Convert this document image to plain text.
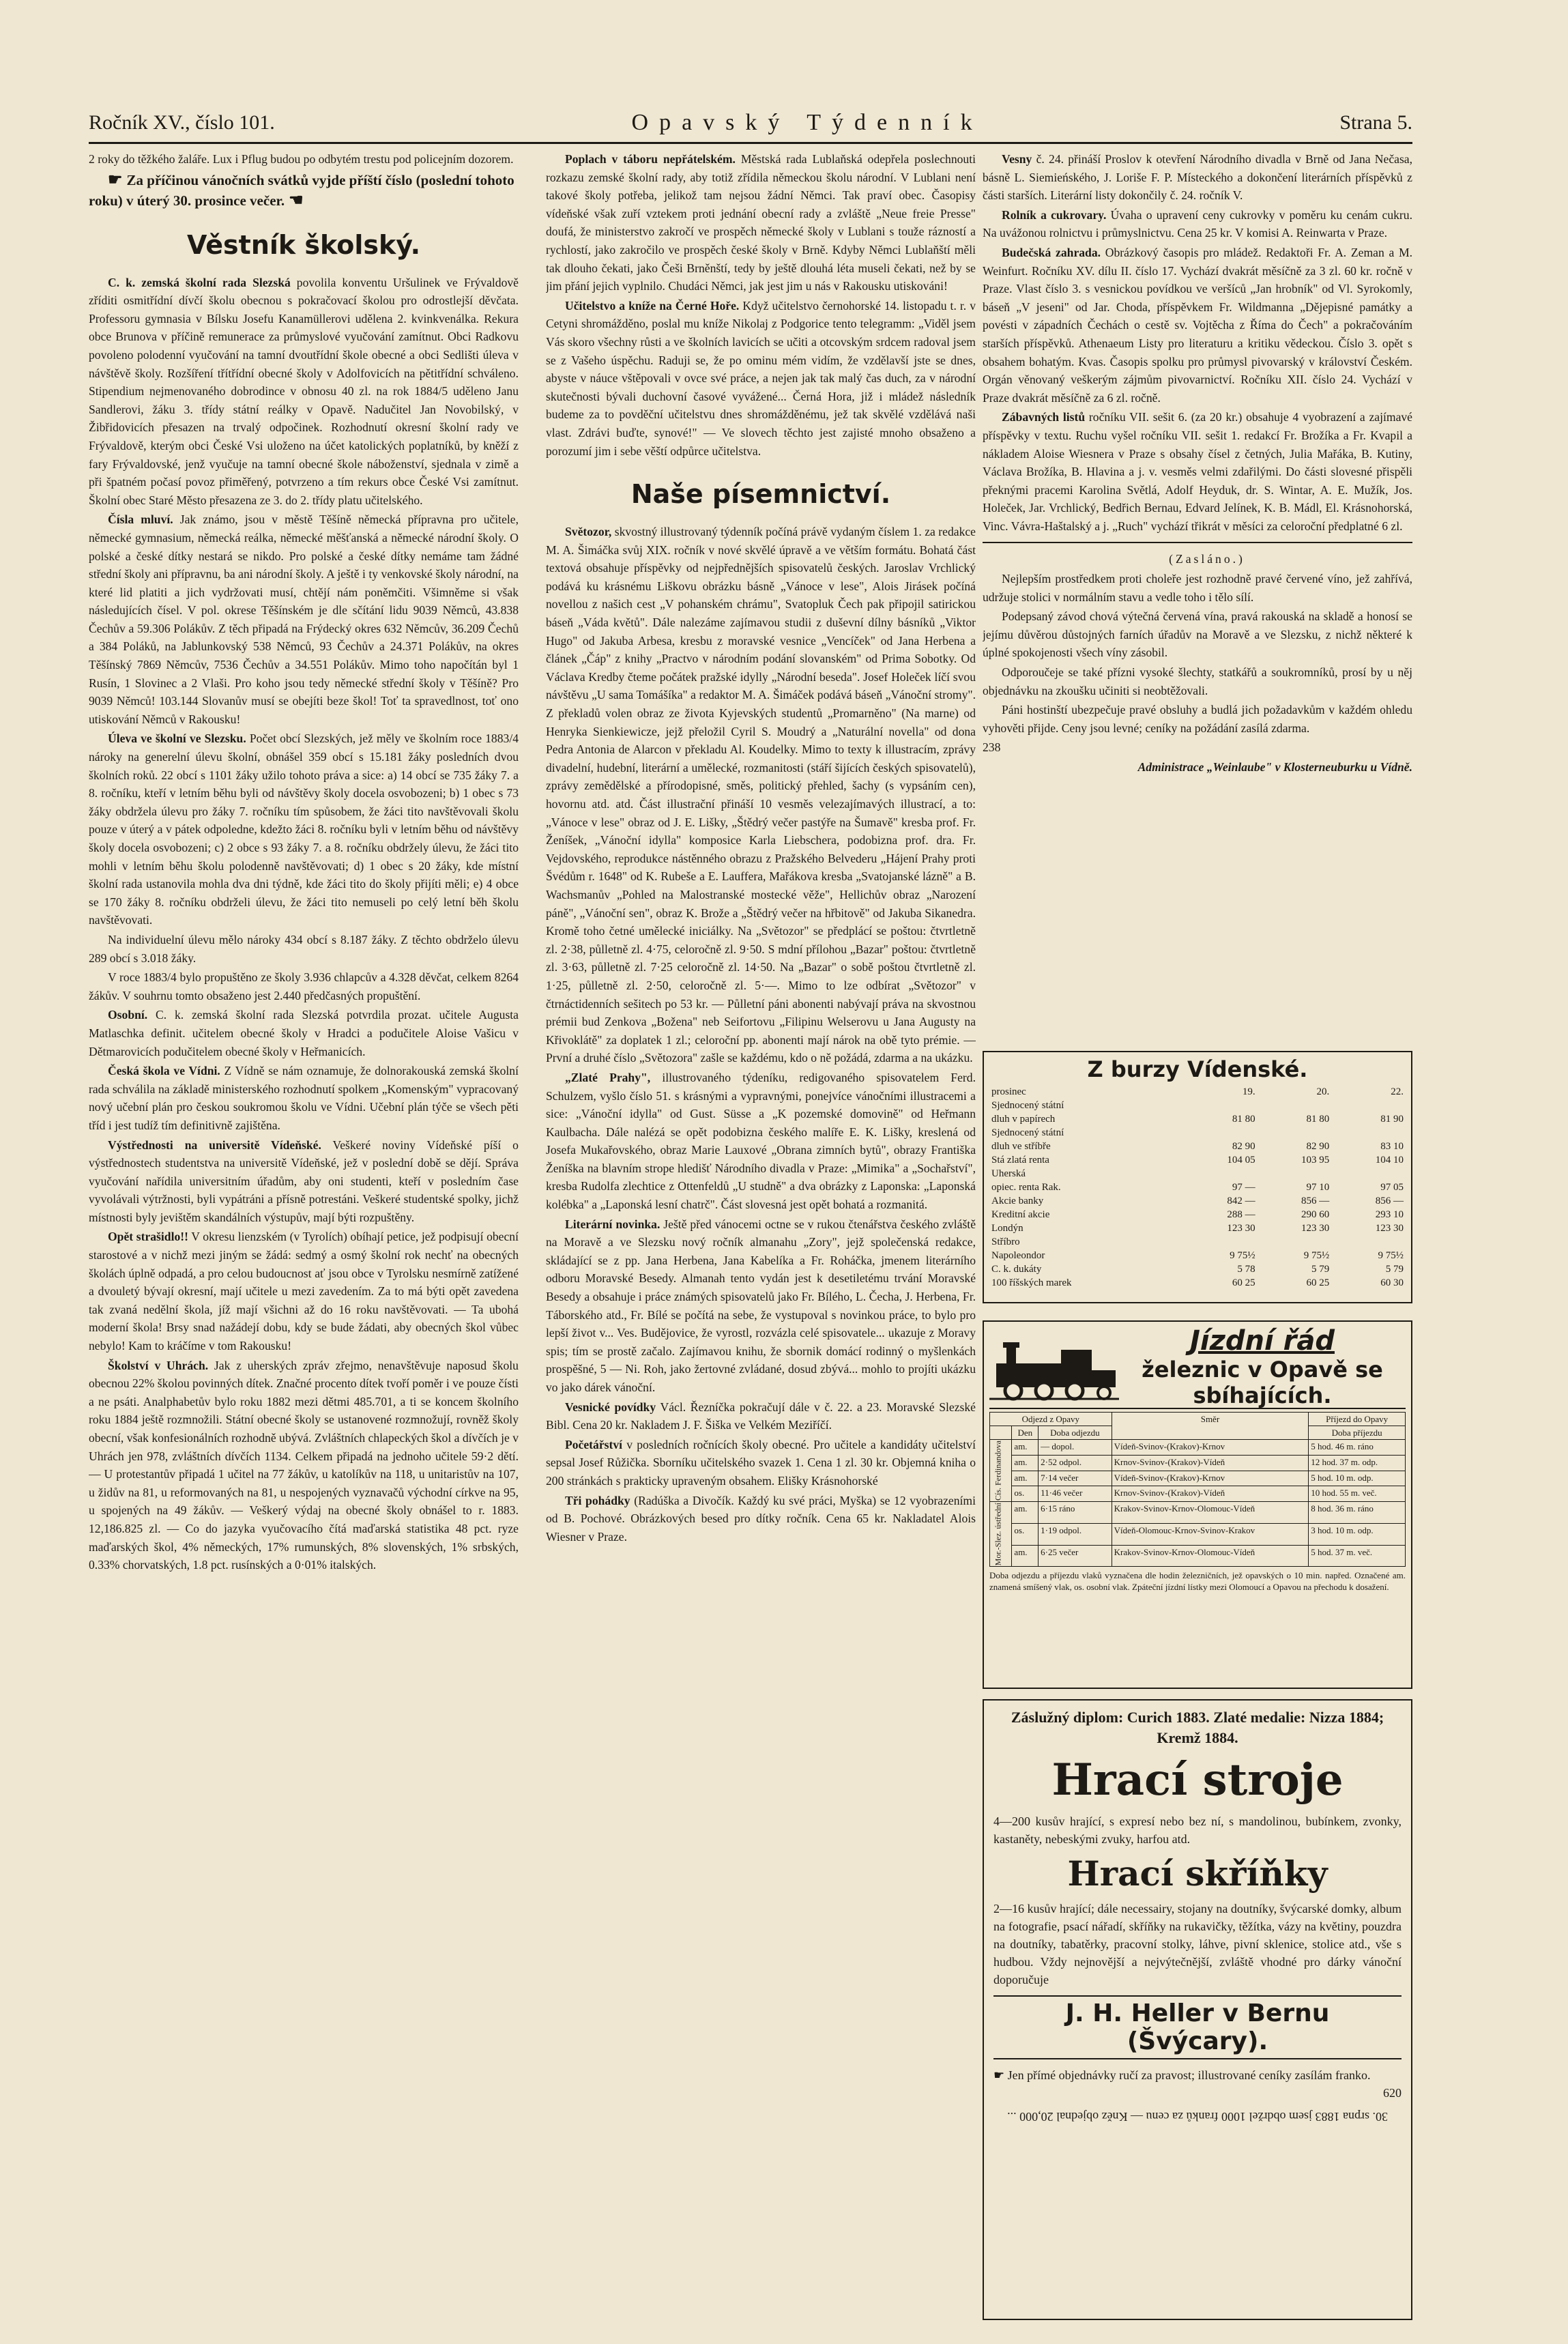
Ročník XV., číslo 101.	Opavský Týdenník	Strana 5.

2 roky do těžkého žaláře. Lux i Pflug budou po odbytém trestu pod policejním dozorem.

☛ Za příčinou vánočních svátků vyjde příští číslo (poslední tohoto roku) v úterý 30. prosince večer. ☚

Věstník školský.

C. k. zemská školní rada Slezská povolila konventu Uršulinek ve Frývaldově zříditi osmitřídní dívčí školu obecnou s pokračovací školou pro odrostlejší děvčata. Professoru gymnasia v Bílsku Josefu Kanamüllerovi udělena 2. kvinkvenálka. Rekura obce Brunova v příčině remunerace za průmyslové vyučování zamítnut. Obci Radkovu povoleno polodenní vyučování na tamní dvoutřídní škole obecné a obci Sedlišti úleva v návštěvě školy. Rozšíření třítřídní obecné školy v Adolfovicích na pětitřídní schváleno. Stipendium nejmenovaného dobrodince v obnosu 40 zl. na rok 1884/5 uděleno Janu Sandlerovi, žáku 3. třídy státní reálky v Opavě. Nadučitel Jan Novobilský, v Žibřidovicích přesazen na trvalý odpočinek. Rozhodnutí okresní školní rady ve Frývaldově, kterým obci České Vsi uloženo na účet katolických poplatníků, by kněží z fary Frývaldovské, jenž vyučuje na tamní obecné škole náboženství, sjednala v zimě a při špatném počasí povoz přiměřený, potvrzeno a tím rekurs obce České Vsi zamítnut. Školní obec Staré Město přesazena ze 3. do 2. třídy platu učitelského.

Čísla mluví. Jak známo, jsou v městě Těšíně německá přípravna pro učitele, německé gymnasium, německá reálka, německé měšťanská a německé národní školy. O polské a české dítky nestará se nikdo. Pro polské a české dítky nemáme tam žádné střední školy ani přípravnu, ba ani národní školy. A ještě i ty venkovské školy národní, na které lid platiti a jich vydržovati musí, chtějí nám poněmčiti. Všimněme si však následujících čísel. V pol. okrese Těšínském je dle sčítání lidu 9039 Němců, 43.838 Čechův a 59.306 Polákův. Z těch připadá na Frýdecký okres 632 Němcův, 36.209 Čechů a 384 Poláků, na Jablunkovský 538 Němců, 93 Čechův a 24.371 Polákův, na okres Těšínský 7869 Němcův, 7536 Čechův a 34.551 Polákův. Mimo toho napočítán byl 1 Rusín, 1 Slovinec a 2 Vlaši. Pro koho jsou tedy německé střední školy v Těšíně? Pro 9039 Němců! 103.144 Slovanův musí se obejíti beze škol! Toť ta spravedlnost, toť ono utiskování Němců v Rakousku!

Úleva ve školní ve Slezsku. Počet obcí Slezských, jež měly ve školním roce 1883/4 nároky na generelní úlevu školní, obnášel 359 obcí s 15.181 žáky posledních dvou školních roků. 22 obcí s 1101 žáky užilo tohoto práva a sice: a) 14 obcí se 735 žáky 7. a 8. ročníku, kteří v letním běhu byli od návštěvy školy docela osvobozeni; b) 1 obec s 73 žáky obdržela úlevu pro žáky 7. ročníku tím spůsobem, že žáci tito navštěvovali školu pouze v úterý a v pátek odpoledne, kdežto žáci 8. ročníku byli v letním běhu od návštěvy školy docela osvobozeni; c) 2 obce s 93 žáky 7. a 8. ročníku obdržely úlevu, že žáci tito mohli v letním běhu školu polodenně navštěvovati; d) 1 obec s 20 žáky, kde místní školní rada ustanovila mohla dva dni týdně, kde žáci tito do školy přijíti měli; e) 4 obce se 170 žáky 8. ročníku obdrželi úlevu, že žáci tito nemuseli po celý letní běh školu navštěvovati.

Na individuelní úlevu mělo nároky 434 obcí s 8.187 žáky. Z těchto obdrželo úlevu 289 obcí s 3.018 žáky.

V roce 1883/4 bylo propuštěno ze školy 3.936 chlapcův a 4.328 děvčat, celkem 8264 žákův. V souhrnu tomto obsaženo jest 2.440 předčasných propuštění.

Osobní. C. k. zemská školní rada Slezská potvrdila prozat. učitele Augusta Matlaschka definit. učitelem obecné školy v Hradci a podučitele Aloise Vašicu v Dětmarovicích podučitelem obecné školy v Heřmanicích.

Česká škola ve Vídni. Z Vídně se nám oznamuje, že dolnorakouská zemská školní rada schválila na základě ministerského rozhodnutí spolkem „Komenským" vypracovaný nový učební plán pro českou soukromou školu ve Vídni. Učební plán týče se všech pěti tříd i jest tudíž tím definitivně zajištěna.

Výstřednosti na universitě Vídeňské. Veškeré noviny Vídeňské píší o výstřednostech studentstva na universitě Vídeňské, jež v poslední době se dějí. Správa vyučování nařídila universitním úřadům, aby oni studenti, kteří v posledním čase vyvolávali výtržnosti, byli vypátráni a přísně potrestáni. Veškeré studentské spolky, jichž místnosti byly jevištěm skandálních výstupův, mají býti rozpuštěny.

Opět strašidlo!! V okresu lienzském (v Tyrolích) obíhají petice, jež podpisují obecní starostové a v nichž mezi jiným se žádá: sedmý a osmý školní rok nechť na obecných školách úplně odpadá, a pro celou budoucnost ať jsou obce v Tyrolsku nesmírně zatížené a dvouletý bývají okresní, mají učitele u mezi zavedením. Za to má býti opět zavedena tak zvaná nedělní škola, jíž mají všichni až do 16 roku navštěvovati. — Ta ubohá moderní škola! Brsy snad nažádejí dobu, kdy se bude žádati, aby obecných škol vůbec nebylo! Kam to kráčíme v tom Rakousku!

Školství v Uhrách. Jak z uherských zpráv zřejmo, nenavštěvuje naposud školu obecnou 22% školou povinných dítek. Značné procento dítek tvoří poměr i ve pouze čísti a ne psáti. Analphabetův bylo roku 1882 mezi dětmi 485.701, a ti se koncem školního roku 1884 ještě rozmnožili. Státní obecné školy se ustanovené rozmnožují, rovněž školy obecní, však konfesionálních rozhodně ubývá. Zvláštních chlapeckých škol a dívčích je v Uhrách jen 978, zvláštních dívčích 1134. Celkem připadá na jednoho učitele 59·2 dětí. — U protestantův připadá 1 učitel na 77 žákův, u katolíkův na 118, u unitaristův na 107, u židův na 81, u reformovaných na 81, u nespojených vyznavačů východní církve na 95, u spojených na 49 žákův. — Veškerý výdaj na obecné školy obnášel to r. 1883. 12,186.825 zl. — Co do jazyka vyučovacího čítá maďarská statistika 48 pct. ryze maďarských škol, 4% německých, 17% rumunských, 8% slovenských, 1% srbských, 0.33% chorvatských, 1.8 pct. rusínských a 0·01% italských.

Poplach v táboru nepřátelském. Městská rada Lublaňská odepřela poslechnouti rozkazu zemské školní rady, aby totiž zřídila německou školu národní. V Lublani není takové školy potřeba, jelikož tam nejsou žádní Němci. Tak praví obec. Časopisy vídeňské však zuří vztekem proti jednání obecní rady a zvláště „Neue freie Presse" doufá, že ministerstvo zakročí ve prospěch německé školy v Lublani s touže rázností a rychlostí, jako zakročilo ve prospěch české školy v Brně. Kdyby Němci Lublaňští měli tak dlouho čekati, jako Češi Brněnští, tedy by ještě dlouhá léta museli čekati, než by se jim přání jejich vyplnilo. Chudáci Němci, jak jest jim u nás v Rakousku utiskováni!

Učitelstvo a kníže na Černé Hoře. Když učitelstvo černohorské 14. listopadu t. r. v Cetyni shromážděno, poslal mu kníže Nikolaj z Podgorice tento telegramm: „Viděl jsem Vás skoro všechny růsti a ve školních lavicích se učiti a otcovským srdcem radoval jsem se z Vašeho úspěchu. Raduji se, že po ominu mém vidím, že vzdělavší jste se dnes, abyste v náuce vštěpovali v ovce své práce, a nejen jak tak malý čas duch, za v národní skutečnosti bývali duchovní časové vyvážené... Černá Hora, již i mládež následník budeme za to povděční učitelstvu dnes shromážděnému, jež tak skvělé vzdělává naši vlast. Zdrávi buďte, synové!" — Ve slovech těchto jest zajisté mnoho obsaženo a porozumí jim i sebe věští odpůrce učitelstva.

Naše písemnictví.

Světozor, skvostný illustrovaný týdenník počíná právě vydaným číslem 1. za redakce M. A. Šimáčka svůj XIX. ročník v nové skvělé úpravě a ve větším formátu. Bohatá část textová obsahuje příspěvky od nejpřednějších spisovatelů českých. Jaroslav Vrchlický podává ku krásnému Liškovu obrázku básně „Vánoce v lese", Alois Jirásek počíná novellou z našich cest „V pohanském chrámu", Svatopluk Čech pak připojil satirickou báseň „Váda květů". Dále nalezáme zajímavou studii z duševní dílny básníků „Viktor Hugo" od Jakuba Arbesa, kresbu z moravské vesnice „Vencíček" od Jana Herbena a článek „Čáp" z knihy „Practvo v národním podání slovanském" od Prima Sobotky. Od Václava Kredby čteme počátek pražské idylly „Národní beseda". Josef Holeček líčí svou návštěvu „U sama Tomášíka" a redaktor M. A. Šimáček podává báseň „Vánoční stromy". Z překladů volen obraz ze života Kyjevských studentů „Promarněno" (Na marne) od Henryka Sienkiewicze, jejž přeložil Cyril S. Moudrý a „Naturální novella" od dona Pedra Antonia de Alarcon v překladu Al. Koudelky. Mimo to texty k illustracím, zprávy divadelní, hudební, literární a umělecké, rozmanitosti (stáří šijících českých spisovatelů), zprávy zemědělské a přírodopisné, směs, politický přehled, šachy (s vypsáním cen), hovornu atd. atd. Část illustrační přináší 10 vesměs velezajímavých illustrací, a to: „Vánoce v lese" obraz od J. E. Lišky, „Štědrý večer pastýře na Šumavě" kresba prof. Fr. Ženíšek, „Vánoční idylla" komposice Karla Liebschera, podobizna prof. dra. Fr. Vejdovského, reprodukce nástěnného obrazu z Pražského Belvederu „Hájení Prahy proti Švédům r. 1648" od K. Rubeše a E. Lauffera, Mařákova kresba „Svatojanské lázně" a B. Wachsmanův „Pohled na Malostranské mostecké věže", Hellichův obraz „Narození páně", „Vánoční sen", obraz K. Brože a „Štědrý večer na hřbitově" od Jakuba Sikanedra. Kromě toho četné umělecké iniciálky. Na „Světozor" se předplácí se poštou: čtvrtletně zl. 2·38, půlletně zl. 4·75, celoročně zl. 9·50. S mdní přílohou „Bazar" poštou: čtvrtletně zl. 3·63, půlletně zl. 7·25 celoročně zl. 14·50. Na „Bazar" o sobě poštou čtvrtletně zl. 1·25, půlletně zl. 2·50, celoročně zl. 5·—. Mimo to lze odbírat „Světozor" v čtrnáctidenních sešitech po 53 kr. — Půlletní páni abonenti nabývají práva na skvostnou prémii bud Zenkova „Božena" neb Seifortovu „Filipinu Welserovu u Jana Augusty na Křivoklátě" za doplatek 1 zl.; celoroční pp. abonenti mají nárok na obě tyto prémie. — První a druhé číslo „Světozora" zašle se každému, kdo o ně požádá, zdarma a na ukázku.

„Zlaté Prahy", illustrovaného týdeníku, redigovaného spisovatelem Ferd. Schulzem, vyšlo číslo 51. s krásnými a vypravnými, ponejvíce vánočními illustracemi a sice: „Vánoční idylla" od Gust. Süsse a „K pozemské domovině" od Heřmann Kaulbacha. Dále nalézá se opět podobizna českého malíře E. K. Lišky, kreslená od Josefa Mukařovského, obraz Marie Lauxové „Obrana zimních bytů", obrazy Františka Ženíška na blavním strope hledišť Národního divadla v Praze: „Mimika" a „Sochařství", kresba Rudolfa zlechtice z Ottenfeldů „U studně" a dva obrázky z Laponska: „Laponská kolébka" a „Laponská lesní chatrč". Část slovesná jest opět bohatá a rozmanitá.

Literární novinka. Ještě před vánocemi octne se v rukou čtenářstva českého zvláště na Moravě a ve Slezsku nový ročník almanahu „Zory", jejž společenská redakce, skládající se z pp. Jana Herbena, Jana Kabelíka a Fr. Roháčka, jmenem literárního odboru Moravské Besedy. Almanah tento vydán jest k desetiletému trvání Moravské Besedy a obsahuje i práce známých spisovatelů jako Fr. Bílého, L. Čecha, J. Herbena, Fr. Táborského atd., Fr. Bílé se počítá na sebe, že vystupoval s novinkou práce, to bylo pro lepší život v... Ves. Budějovice, že vyrostl, rozvázla celé spisovatele... ukazuje z Moravy spis; tím se prostě začalo. Zajímavou knihu, že sbornik domácí rodinný o myšlenkách prospěšné, 5 — Ni. Roh, jako žertovné zvládané, dosud zbývá... mohlo to projíti ukázku vo jako dárek vánoční.

Vesnické povídky Václ. Řezníčka pokračují dále v č. 22. a 23. Moravské Slezské Bibl. Cena 20 kr. Nakladem J. F. Šiška ve Velkém Meziříčí.

Početářství v posledních ročnících školy obecné. Pro učitele a kandidáty učitelství sepsal Josef Růžička. Sborníku učitelského svazek 1. Cena 1 zl. 30 kr. Objemná kniha o 200 stránkách s prakticky upraveným obsahem. Elišky Krásnohorské

Tři pohádky (Radúška a Divočík. Každý ku své práci, Myška) se 12 vyobrazeními od B. Pochové. Obrázkových besed pro dítky ročník. Cena 65 kr. Nakladatel Alois Wiesner v Praze.

Vesny č. 24. přináší Proslov k otevření Národního divadla v Brně od Jana Nečasa, básně L. Siemieńského, J. Loriše F. P. Místeckého a dokončení literárních příspěvků z části starších. Literární listy dokončily č. 24. ročník V.

Rolník a cukrovary. Úvaha o upravení ceny cukrovky v poměru ku cenám cukru. Na uvážonou rolnictvu i průmyslnictvu. Cena 25 kr. V komisi A. Reinwarta v Praze.

Budečská zahrada. Obrázkový časopis pro mládež. Redaktoři Fr. A. Zeman a M. Weinfurt. Ročníku XV. dílu II. číslo 17. Vychází dvakrát měsíčně za 3 zl. 60 kr. ročně v Praze. Vlast číslo 3. s vesnickou povídkou ve veršíců „Jan hrobník" od Vl. Syrokomly, báseň „V jeseni" od Jar. Choda, příspěvkem Fr. Wildmanna „Dějepisné památky a povésti v západních Čechách o cestě sv. Vojtěcha z Říma do Čech" a pokračováním starších příspěvků. Athenaeum Listy pro literaturu a kritiku vědeckou. Číslo 3. opět s obsahem bohatým. Kvas. Časopis spolku pro průmysl pivovarský v království Českém. Orgán věnovaný veškerým zájmům pivovarnictví. Ročníku XII. číslo 24. Vychází v Praze dvakrát měsíčně za 6 zl. ročně.

Zábavných listů ročníku VII. sešit 6. (za 20 kr.) obsahuje 4 vyobrazení a zajímavé příspěvky v textu. Ruchu vyšel ročníku VII. sešit 1. redakcí Fr. Brožíka a Fr. Kvapil a nákladem Aloise Wiesnera v Praze s obsahy čísel z četných, Julia Mařáka, B. Kutiny, Václava Brožíka, B. Hlavina a j. v. vesměs velmi zdařilými. Do části slovesné přispěli překnými pracemi Karolina Světlá, Adolf Heyduk, dr. S. Wintar, A. E. Mužík, Jos. Holeček, Jar. Vrchlický, Bedřich Bernau, Edvard Jelínek, K. B. Mádl, El. Krásnohorská, Vinc. Vávra-Haštalský a j. „Ruch" vychází třikrát v měsíci za celoroční předplatné 6 zl.

(Zasláno.)

Nejlepším prostředkem proti choleře jest rozhodně pravé červené víno, jež zahřívá, udržuje stolici v normálním stavu a vedle toho i tělo sílí.

Podepsaný závod chová výtečná červená vína, pravá rakouská na skladě a honosí se jejímu důvěrou důstojných farních úřadův na Moravě a ve Slezsku, z nichž některé k úplné spokojenosti všech víny zásobil.

Odporoučeje se také přízni vysoké šlechty, statkářů a soukromníků, prosí by u něj objednávku na zkoušku učiniti si neobtěžovali.

Páni hostinští ubezpečuje pravé obsluhy a budlá jich požadavkům v každém ohledu vyhověti přijde. Ceny jsou levné; ceníky na požádání zasílá zdarma.

238

Administrace „Weinlaube" v Klosterneuburku u Vídně.

Z burzy Vídenské.
prosinec	19.	20.	22.
Sjednocený státní			
dluh v papírech	81 80	81 80	81 90
Sjednocený státní			
dluh ve stříbře	82 90	82 90	83 10
Stá zlatá renta	104 05	103 95	104 10
Uherská			
opiec. renta Rak.	97 —	97 10	97 05
Akcie banky	842 —	856 —	856 —
Kreditní akcie	288 —	290 60	293 10
Londýn	123 30	123 30	123 30
Stříbro			
Napoleondor	9 75½	9 75½	9 75½
C. k. dukáty	5 78	5 79	5 79
100 říšských marek	60 25	60 25	60 30
Jízdní řád
železnic v Opavě se sbíhajících.
Odjezd z Opavy			Směr	Příjezd do Opavy
	Den	Doba odjezdu		Doba příjezdu
Cís. Ferdinandova	am.	— dopol.	Vídeň-Svinov-(Krakov)-Krnov	5 hod. 46 m. ráno
	am.	2·52 odpol.	Krnov-Svinov-(Krakov)-Vídeň	12 hod. 37 m. odp.
	am.	7·14 večer	Vídeň-Svinov-(Krakov)-Krnov	5 hod. 10 m. odp.
	os.	11·46 večer	Krnov-Svinov-(Krakov)-Vídeň	10 hod. 55 m. več.
Mor.-Slez. ústřední	am.	6·15 ráno	Krakov-Svinov-Krnov-Olomouc-Vídeň	8 hod. 36 m. ráno
	os.	1·19 odpol.	Vídeň-Olomouc-Krnov-Svinov-Krakov	3 hod. 10 m. odp.
	am.	6·25 večer	Krakov-Svinov-Krnov-Olomouc-Vídeň	5 hod. 37 m. več.
Doba odjezdu a příjezdu vlaků vyznačena dle hodin železničních, jež opavských o 10 min. napřed. Označené am. znamená smíšený vlak, os. osobní vlak. Zpáteční jízdní lístky mezi Olomoucí a Opavou na přechodu k dosažení.
Záslužný diplom: Curich 1883. Zlaté medalie: Nizza 1884; Kremž 1884.
Hrací stroje
4—200 kusův hrající, s expresí nebo bez ní, s mandolinou, bubínkem, zvonky, kastaněty, nebeskými zvuky, harfou atd.
Hrací skříňky
2—16 kusův hrající; dále necessairy, stojany na doutníky, švýcarské domky, album na fotografie, psací nářadí, skříňky na rukavičky, těžítka, vázy na květiny, pouzdra na doutníky, tabatěrky, pracovní stolky, láhve, pivní sklenice, stolice atd., vše s hudbou. Vždy nejnovější a nejvýtečnější, zvláště vhodné pro dárky vánoční doporučuje
J. H. Heller v Bernu (Švýcary).
☛ Jen přímé objednávky ručí za pravost; illustrované ceníky zasílám franko.
620
30. srpna 1883 jsem obdržel 1000 franků za cenu — Kněz objednal 20,000 ...
